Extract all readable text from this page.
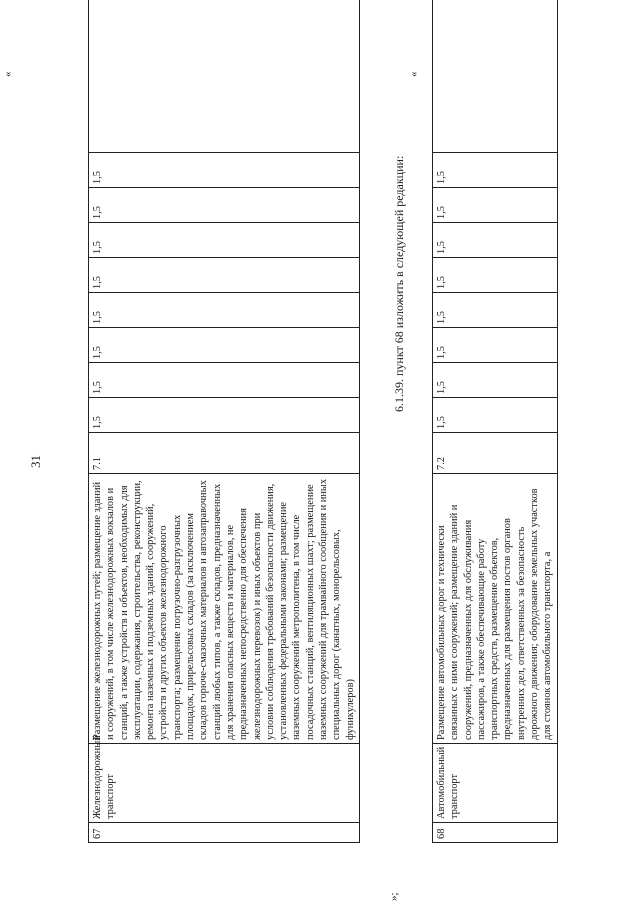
31
«
67	Железнодорожный транспорт	Размещение железнодорожных путей; размещение зданий и сооружений, в том числе железнодорожных вокзалов и станций, а также устройств и объектов, необходимых для эксплуатации, содержания, строительства, реконструкции, ремонта наземных и подземных зданий, сооружений, устройств и других объектов железнодорожного транспорта; размещение погрузочно-разгрузочных площадок, прирельсовых складов (за исключением складов горюче-смазочных материалов и автозаправочных станций любых типов, а также складов, предназначенных для хранения опасных веществ и материалов, не предназначенных непосредственно для обеспечения железнодорожных перевозок) и иных объектов при условии соблюдения требований безопасности движения, установленных федеральными законами; размещение наземных сооружений метрополитена, в том числе посадочных станций, вентиляционных шахт; размещение наземных сооружений для трамвайного сообщения и иных специальных дорог (канатных, монорельсовых, фуникулеров)	7.1	1,5	1,5	1,5	1,5	1,5	1,5	1,5	1,5	
»;
6.1.39. пункт 68 изложить в следующей редакции:
«
68	Автомобильный транспорт	Размещение автомобильных дорог и технически связанных с ними сооружений; размещение зданий и сооружений, предназначенных для обслуживания пассажиров, а также обеспечивающие работу транспортных средств, размещение объектов, предназначенных для размещения постов органов внутренних дел, ответственных за безопасность дорожного движения; оборудование земельных участков для стоянок автомобильного транспорта, а	7.2	1,5	1,5	1,5	1,5	1,5	1,5	1,5	1,5	
